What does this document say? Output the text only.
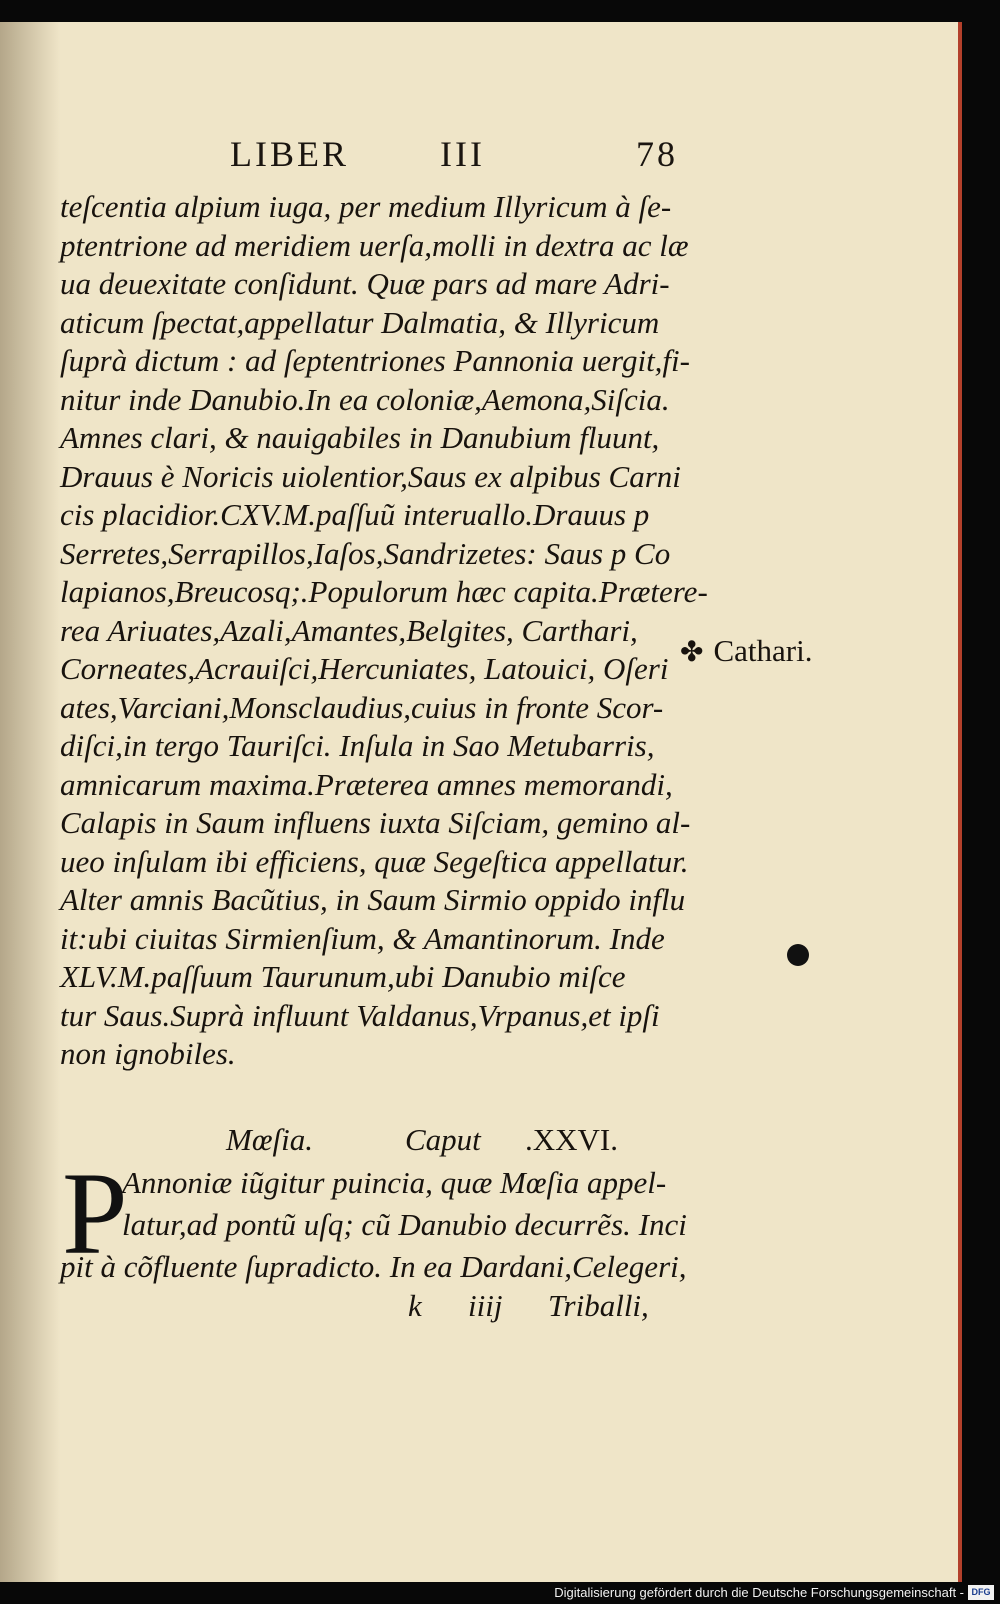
LIBER	III	78
teſcentia alpium iuga, per medium Illyricum à ſe-
ptentrione ad meridiem uerſa,molli in dextra ac læ
ua deuexitate conſidunt. Quæ pars ad mare Adri-
aticum ſpectat,appellatur Dalmatia, & Illyricum
ſuprà dictum : ad ſeptentriones Pannonia uergit,fi-
nitur inde Danubio.In ea coloniæ,Aemona,Siſcia.
Amnes clari, & nauigabiles in Danubium fluunt,
Drauus è Noricis uiolentior,Saus ex alpibus Carni
cis placidior.CXV.M.paſſuũ interuallo.Drauus p
Serretes,Serrapillos,Iaſos,Sandrizetes: Saus p Co
lapianos,Breucosq;.Populorum hæc capita.Prætere-
rea Ariuates,Azali,Amantes,Belgites, Carthari,
Corneates,Acrauiſci,Hercuniates, Latouici, Oſeri
ates,Varciani,Monsclaudius,cuius in fronte Scor-
diſci,in tergo Tauriſci. Inſula in Sao Metubarris,
amnicarum maxima.Præterea amnes memorandi,
Calapis in Saum influens iuxta Siſciam, gemino al-
ueo inſulam ibi efficiens, quæ Segeſtica appellatur.
Alter amnis Bacũtius, in Saum Sirmio oppido influ
it:ubi ciuitas Sirmienſium, & Amantinorum. Inde
XLV.M.paſſuum Taurunum,ubi Danubio miſce
tur Saus.Suprà influunt Valdanus,Vrpanus,et ipſi
non ignobiles.
✤ Cathari.
Mœſia.	Caput .XXVI.
P
Annoniæ iũgitur puincia, quæ Mœſia appel-
latur,ad pontũ uſq; cũ Danubio decurrẽs. Inci
pit à cõfluente ſupradicto. In ea Dardani,Celegeri,
k iiij Triballi,
Digitalisierung gefördert durch die Deutsche Forschungsgemeinschaft - DFG
